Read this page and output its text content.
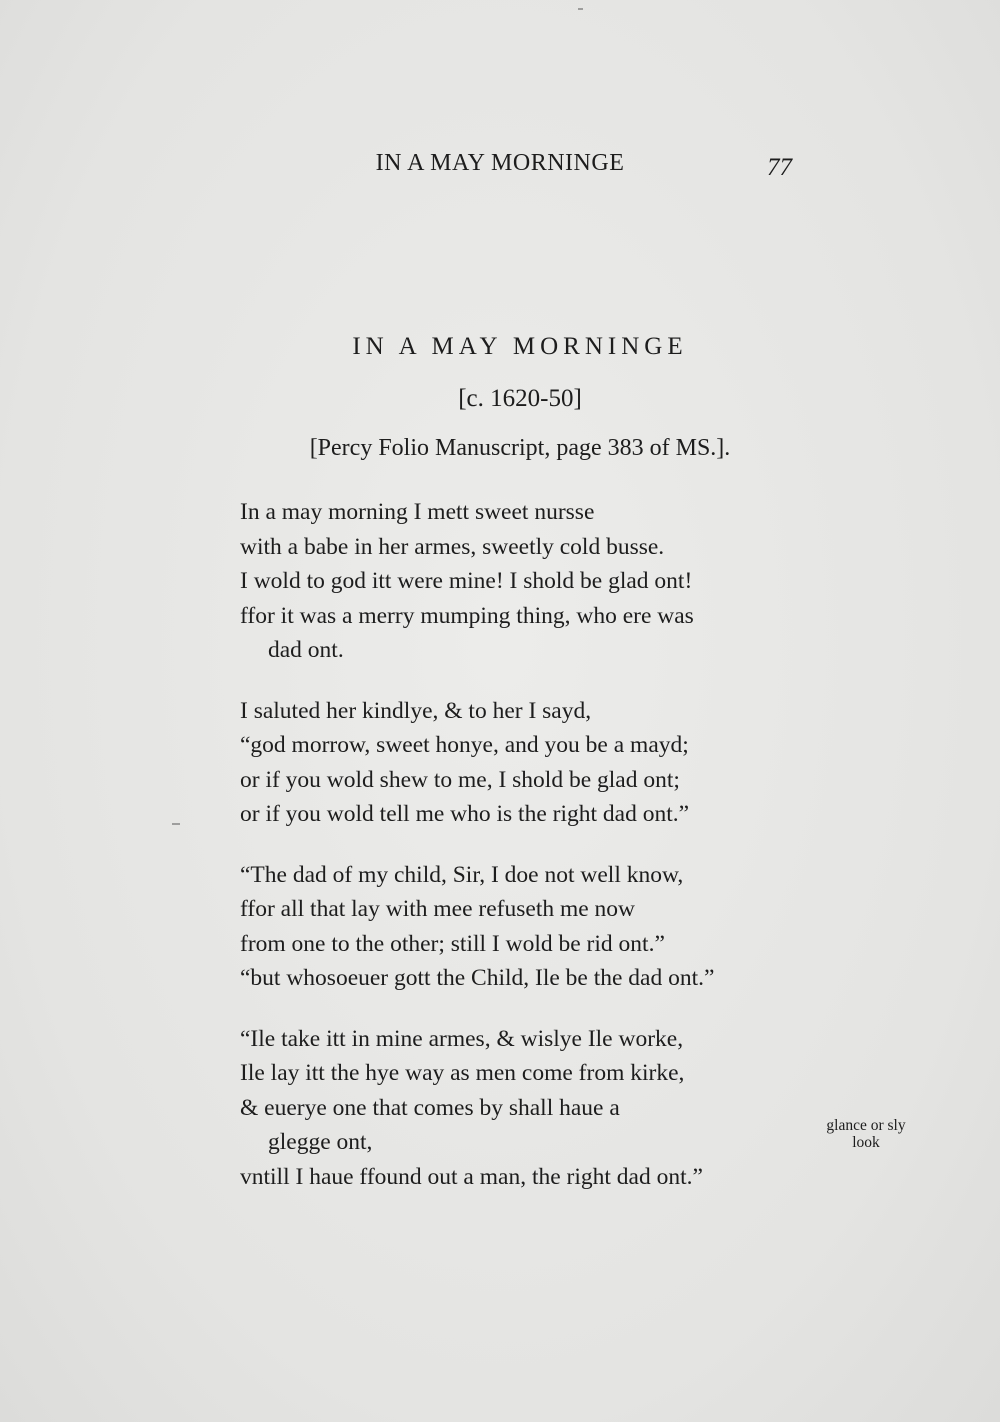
IN A MAY MORNINGE	77
IN A MAY MORNINGE
[c. 1620-50]
[Percy Folio Manuscript, page 383 of MS.].
In a may morning I mett sweet nursse
with a babe in her armes, sweetly cold busse.
I wold to god itt were mine! I shold be glad ont!
ffor it was a merry mumping thing, who ere was
dad ont.
I saluted her kindlye, & to her I sayd,
“god morrow, sweet honye, and you be a mayd;
or if you wold shew to me, I shold be glad ont;
or if you wold tell me who is the right dad ont.”
“The dad of my child, Sir, I doe not well know,
ffor all that lay with mee refuseth me now
from one to the other; still I wold be rid ont.”
“but whosoeuer gott the Child, Ile be the dad ont.”
“Ile take itt in mine armes, & wislye Ile worke,
Ile lay itt the hye way as men come from kirke,
& euerye one that comes by shall haue a
glegge ont,
vntill I haue ffound out a man, the right dad ont.”
glance or sly
look
